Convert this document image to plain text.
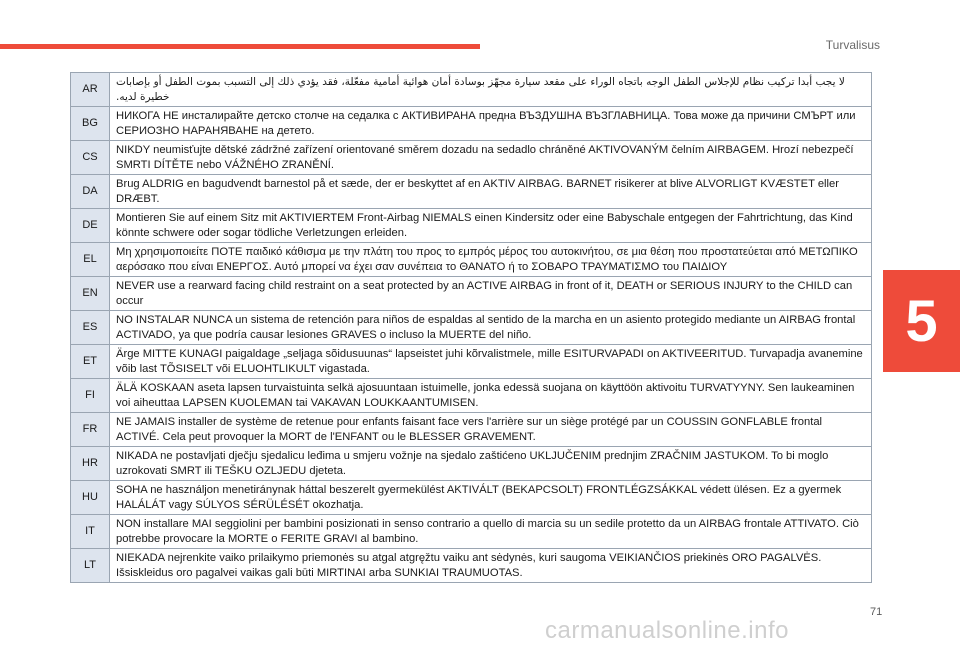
Turvalisus
AR	لا يجب أبدا تركيب نظام للإجلاس الطفل الوجه باتجاه الوراء على مقعد سيارة مجهّز بوسادة أمان هوائية أمامية مفعّلة، فقد يؤدي ذلك إلى التسبب بموت الطفل أو بإصابات خطيرة لديه.
BG	НИКОГА НЕ инсталирайте детско столче на седалка с АКТИВИРАНА предна ВЪЗДУШНА ВЪЗГЛАВНИЦА. Това може да причини СМЪРТ или СЕРИОЗНО НАРАНЯВАНЕ на детето.
CS	NIKDY neumisťujte dětské zádržné zařízení orientované směrem dozadu na sedadlo chráněné AKTIVOVANÝM čelním AIRBAGEM. Hrozí nebezpečí SMRTI DÍTĚTE nebo VÁŽNÉHO ZRANĚNÍ.
DA	Brug ALDRIG en bagudvendt barnestol på et sæde, der er beskyttet af en AKTIV AIRBAG. BARNET risikerer at blive ALVORLIGT KVÆSTET eller DRÆBT.
DE	Montieren Sie auf einem Sitz mit AKTIVIERTEM Front-Airbag NIEMALS einen Kindersitz oder eine Babyschale entgegen der Fahrtrichtung, das Kind könnte schwere oder sogar tödliche Verletzungen erleiden.
EL	Μη χρησιμοποιείτε ΠΟΤΕ παιδικό κάθισμα με την πλάτη του προς το εμπρός μέρος του αυτοκινήτου, σε μια θέση που προστατεύεται από ΜΕΤΩΠΙΚΟ αερόσακο που είναι ΕΝΕΡΓΟΣ. Αυτό μπορεί να έχει σαν συνέπεια το ΘΑΝΑΤΟ ή το ΣΟΒΑΡΟ ΤΡΑΥΜΑΤΙΣΜΟ του ΠΑΙΔΙΟΥ
EN	NEVER use a rearward facing child restraint on a seat protected by an ACTIVE AIRBAG in front of it, DEATH or SERIOUS INJURY to the CHILD can occur
ES	NO INSTALAR NUNCA un sistema de retención para niños de espaldas al sentido de la marcha en un asiento protegido mediante un AIRBAG frontal ACTIVADO, ya que podría causar lesiones GRAVES o incluso la MUERTE del niño.
ET	Ärge MITTE KUNAGI paigaldage „seljaga sõidusuunas“ lapseistet juhi kõrvalistmele, mille ESITURVAPADI on AKTIVEERITUD. Turvapadja avanemine võib last TÕSISELT või ELUOHTLIKULT vigastada.
FI	ÄLÄ KOSKAAN aseta lapsen turvaistuinta selkä ajosuuntaan istuimelle, jonka edessä suojana on käyttöön aktivoitu TURVATYYNY. Sen laukeaminen voi aiheuttaa LAPSEN KUOLEMAN tai VAKAVAN LOUKKAANTUMISEN.
FR	NE JAMAIS installer de système de retenue pour enfants faisant face vers l'arrière sur un siège protégé par un COUSSIN GONFLABLE frontal ACTIVÉ. Cela peut provoquer la MORT de l'ENFANT ou le BLESSER GRAVEMENT.
HR	NIKADA ne postavljati dječju sjedalicu leđima u smjeru vožnje na sjedalo zaštićeno UKLJUČENIM prednjim ZRAČNIM JASTUKOM. To bi moglo uzrokovati SMRT ili TEŠKU OZLJEDU djeteta.
HU	SOHA ne használjon menetiránynak háttal beszerelt gyermekülést AKTIVÁLT (BEKAPCSOLT) FRONTLÉGZSÁKKAL védett ülésen. Ez a gyermek HALÁLÁT vagy SÚLYOS SÉRÜLÉSÉT okozhatja.
IT	NON installare MAI seggiolini per bambini posizionati in senso contrario a quello di marcia su un sedile protetto da un AIRBAG frontale ATTIVATO. Ciò potrebbe provocare la MORTE o FERITE GRAVI al bambino.
LT	NIEKADA nejrenkite vaiko prilaikymo priemonės su atgal atgręžtu vaiku ant sėdynės, kuri saugoma VEIKIANČIOS priekinės ORO PAGALVĖS. Išsiskleidus oro pagalvei vaikas gali būti MIRTINAI arba SUNKIAI TRAUMUOTAS.
5
71
carmanualsonline.info
